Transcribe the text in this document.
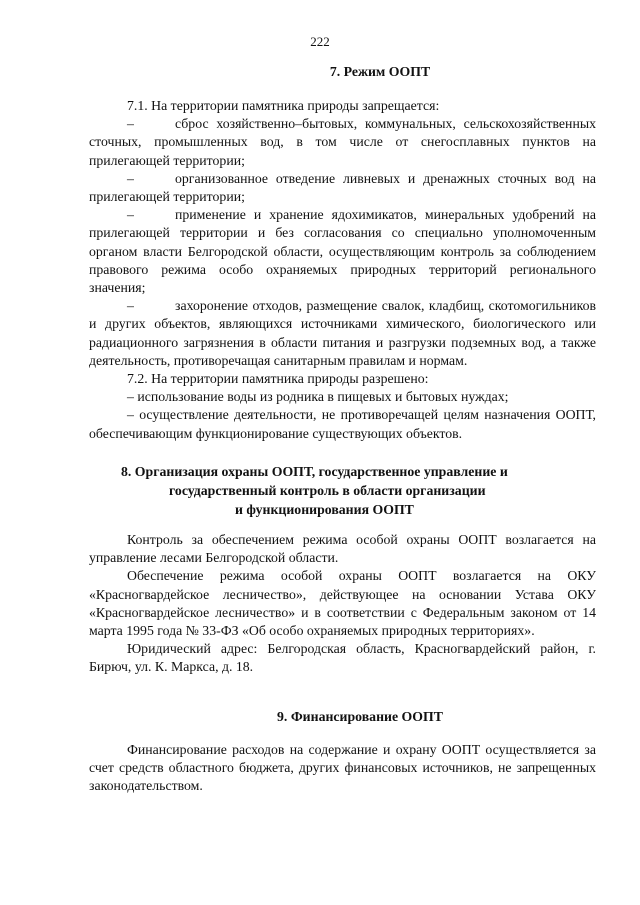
222
7. Режим ООПТ

7.1. На территории памятника природы запрещается:

–	сброс хозяйственно–бытовых, коммунальных, сельскохозяйственных сточных, промышленных вод, в том числе от снегосплавных пунктов на прилегающей территории;

–	организованное отведение ливневых и дренажных сточных вод на прилегающей территории;

–	применение и хранение ядохимикатов, минеральных удобрений на прилегающей территории и без согласования со специально уполномоченным органом власти Белгородской области, осуществляющим контроль за соблюдением правового режима особо охраняемых природных территорий регионального значения;

–	захоронение отходов, размещение свалок, кладбищ, скотомогильников и других объектов, являющихся источниками химического, биологического или радиационного загрязнения в области питания и разгрузки подземных вод, а также деятельность, противоречащая санитарным правилам и нормам.

7.2. На территории памятника природы разрешено:

– использование воды из родника в пищевых и бытовых нуждах;

– осуществление деятельности, не противоречащей целям назначения ООПТ, обеспечивающим функционирование существующих объектов.

8. Организация охраны ООПТ, государственное управление и
государственный контроль в области организации
и функционирования ООПТ

Контроль за обеспечением режима особой охраны ООПТ возлагается на управление лесами Белгородской области.

Обеспечение режима особой охраны ООПТ возлагается на ОКУ «Красногвардейское лесничество», действующее на основании Устава ОКУ «Красногвардейское лесничество» и в соответствии с Федеральным законом от 14 марта 1995 года № 33-ФЗ «Об особо охраняемых природных территориях».

Юридический адрес: Белгородская область, Красногвардейский район, г. Бирюч, ул. К. Маркса, д. 18.

9. Финансирование ООПТ

Финансирование расходов на содержание и охрану ООПТ осуществляется за счет средств областного бюджета, других финансовых источников, не запрещенных законодательством.
